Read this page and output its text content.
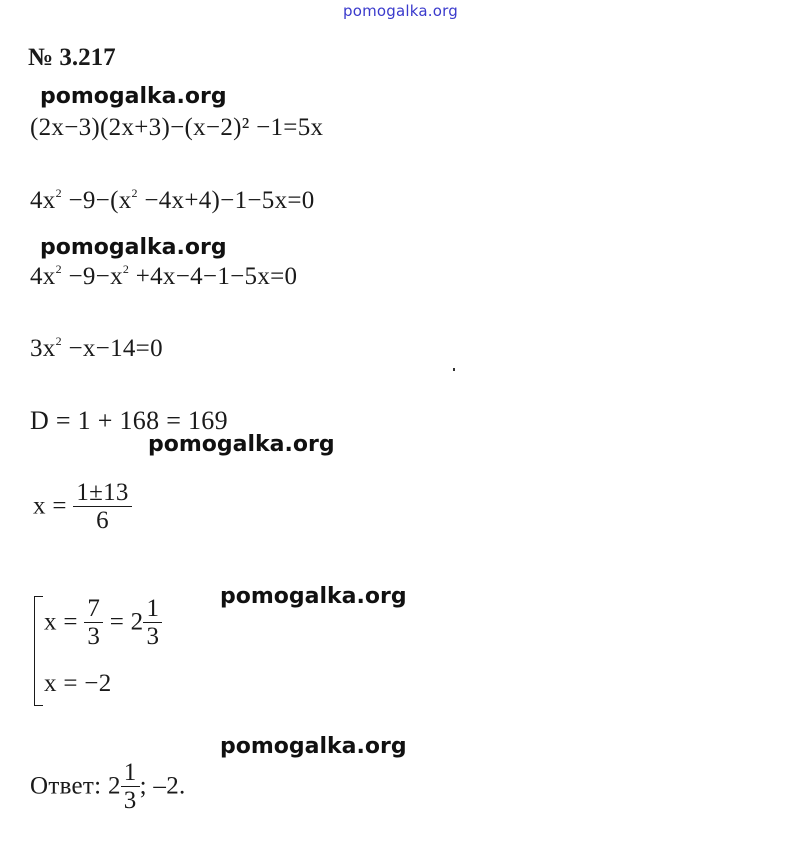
pomogalka.org
№ 3.217
pomogalka.org
(2x−3)(2x+3)−(x−2)² −1=5x
$4x^2 -9-(x^2 -4x+4)-1-5x=0$
pomogalka.org
$4x^2 -9-x^2 +4x-4-1-5x=0$
$3x^2 -x-14=0$
D = 1 + 168 = 169
pomogalka.org
$x = \frac{1\pm 13}{6}$
pomogalka.org
$x = \frac{7}{3} = 2 \frac{1}{3}$
x = −2
pomogalka.org
Ответ: $2 \frac{1}{3}$ ; –2.
